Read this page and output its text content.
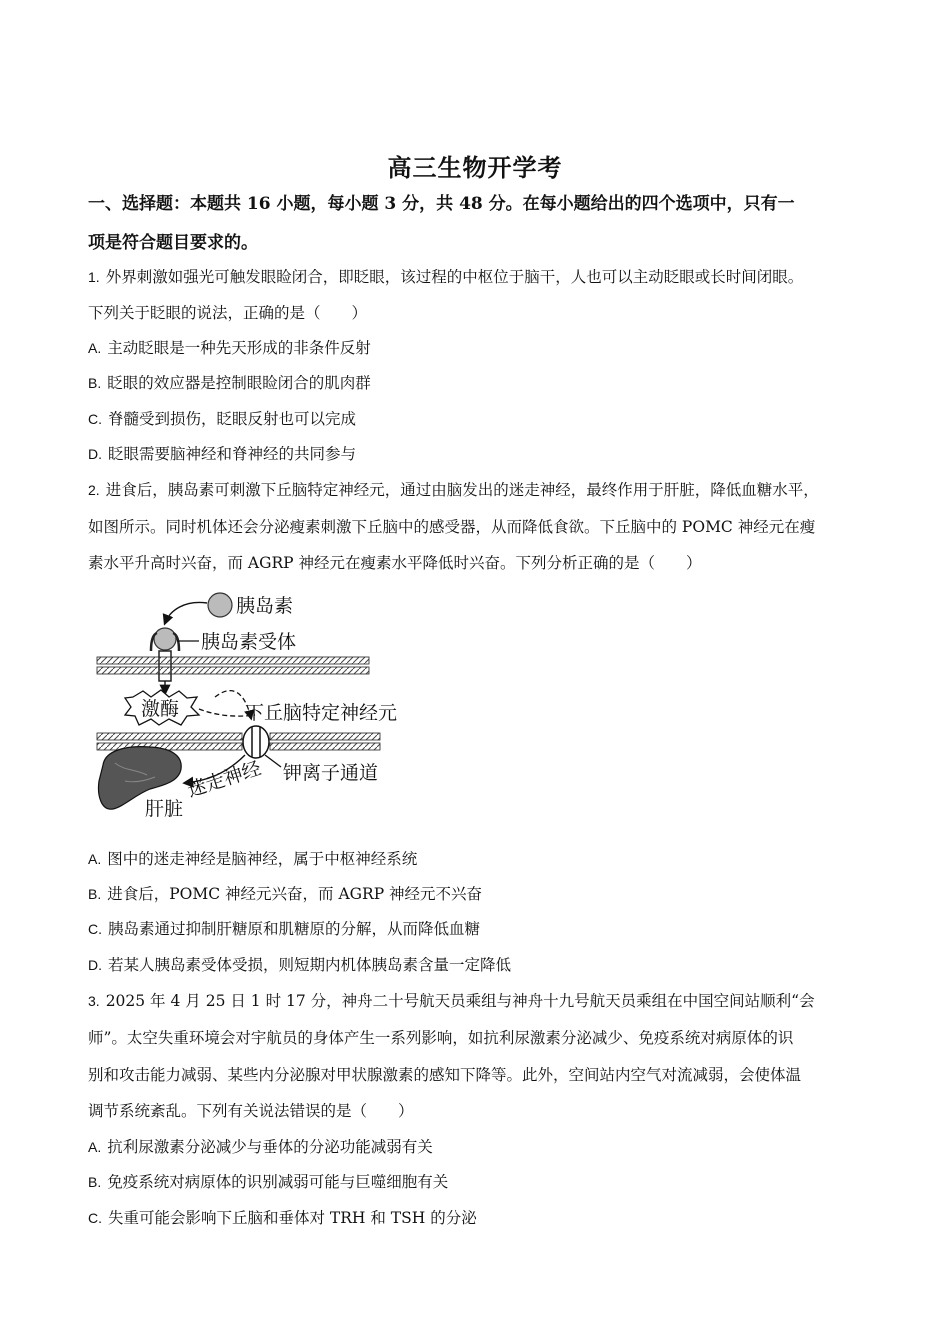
高三生物开学考
一、选择题：本题共 16 小题，每小题 3 分，共 48 分。在每小题给出的四个选项中，只有一
项是符合题目要求的。
1. 外界刺激如强光可触发眼睑闭合，即眨眼，该过程的中枢位于脑干，人也可以主动眨眼或长时间闭眼。
下列关于眨眼的说法，正确的是（　　）
A. 主动眨眼是一种先天形成的非条件反射
B. 眨眼的效应器是控制眼睑闭合的肌肉群
C. 脊髓受到损伤，眨眼反射也可以完成
D. 眨眼需要脑神经和脊神经的共同参与
2. 进食后，胰岛素可刺激下丘脑特定神经元，通过由脑发出的迷走神经，最终作用于肝脏，降低血糖水平，
如图所示。同时机体还会分泌瘦素刺激下丘脑中的感受器，从而降低食欲。下丘脑中的 POMC 神经元在瘦
素水平升高时兴奋，而 AGRP 神经元在瘦素水平降低时兴奋。下列分析正确的是（　　）
胰岛素
胰岛素受体
激酶	下丘脑特定神经元
钾离子通道
迷走神经
肝脏
A. 图中的迷走神经是脑神经，属于中枢神经系统
B. 进食后，POMC 神经元兴奋，而 AGRP 神经元不兴奋
C. 胰岛素通过抑制肝糖原和肌糖原的分解，从而降低血糖
D. 若某人胰岛素受体受损，则短期内机体胰岛素含量一定降低
3. 2025 年 4 月 25 日 1 时 17 分，神舟二十号航天员乘组与神舟十九号航天员乘组在中国空间站顺利“会
师”。太空失重环境会对宇航员的身体产生一系列影响，如抗利尿激素分泌减少、免疫系统对病原体的识
别和攻击能力减弱、某些内分泌腺对甲状腺激素的感知下降等。此外，空间站内空气对流减弱，会使体温
调节系统紊乱。下列有关说法错误的是（　　）
A. 抗利尿激素分泌减少与垂体的分泌功能减弱有关
B. 免疫系统对病原体的识别减弱可能与巨噬细胞有关
C. 失重可能会影响下丘脑和垂体对 TRH 和 TSH 的分泌
